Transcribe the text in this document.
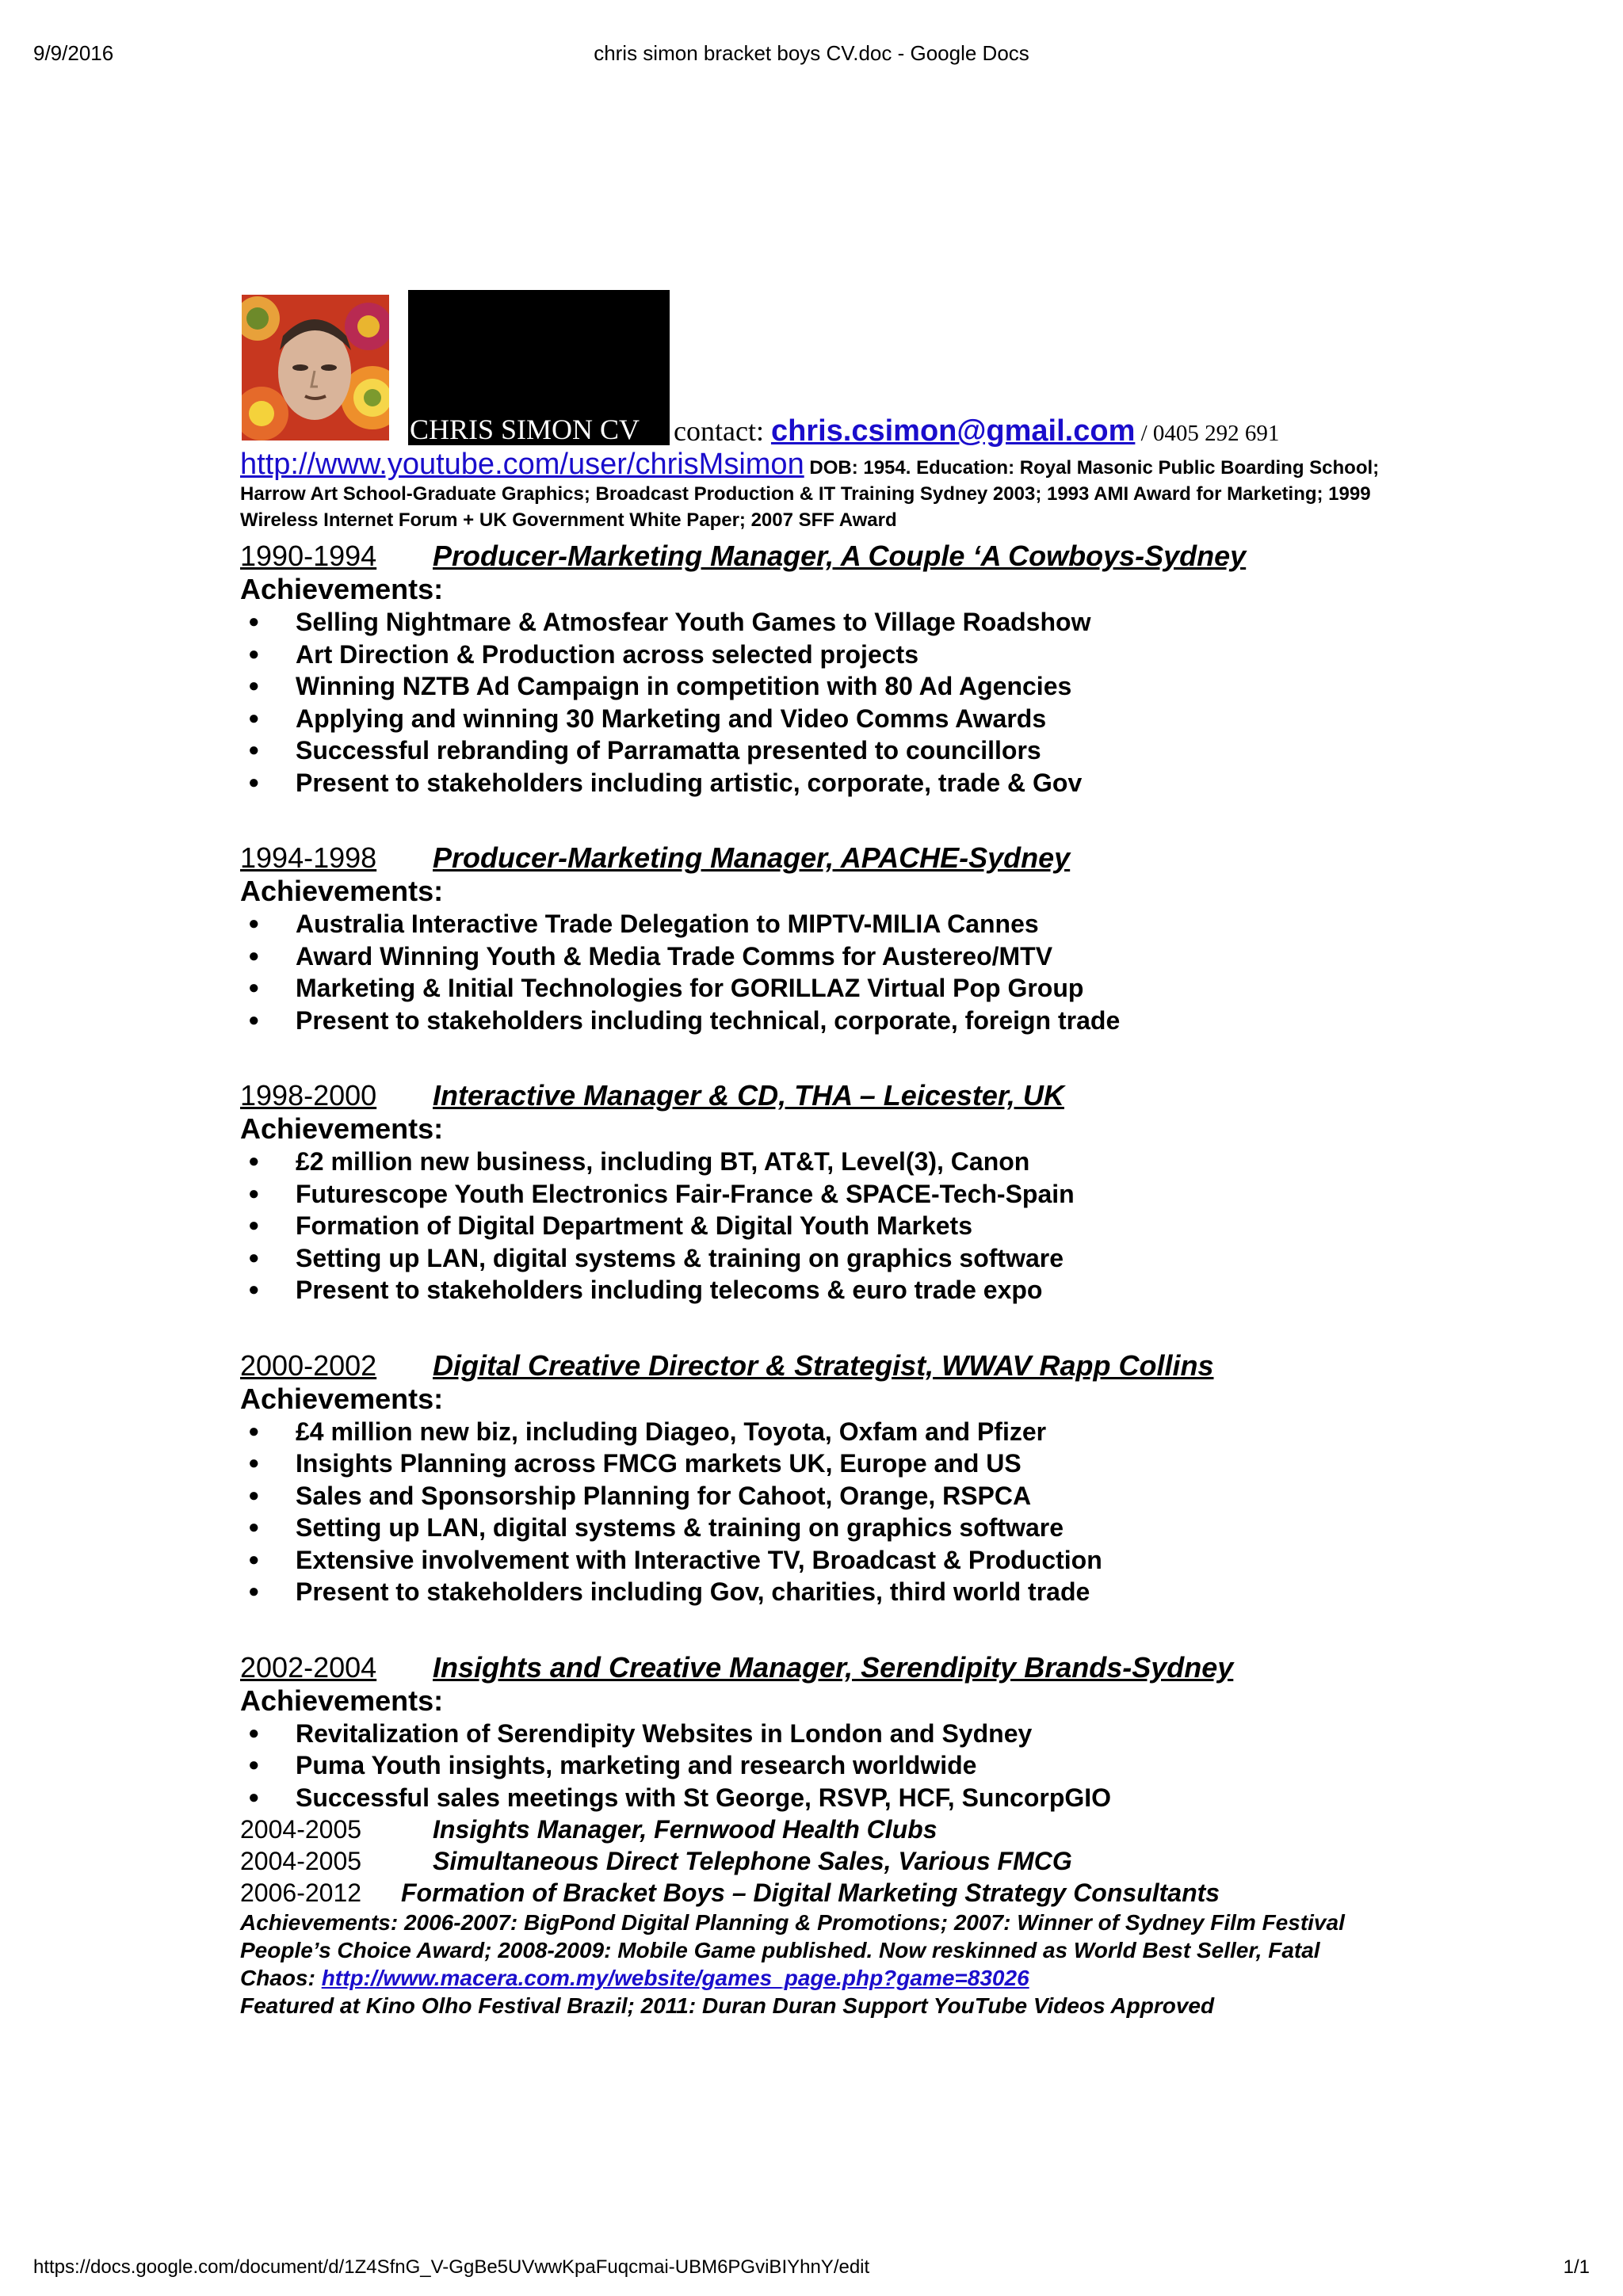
9/9/2016	chris simon bracket boys CV.doc - Google Docs
CHRIS SIMON CV contact: chris.csimon@gmail.com / 0405 292 691
http://www.youtube.com/user/chrisMsimon DOB: 1954. Education: Royal Masonic Public Boarding School; Harrow Art School-Graduate Graphics; Broadcast Production & IT Training Sydney 2003; 1993 AMI Award for Marketing; 1999 Wireless Internet Forum + UK Government White Paper; 2007 SFF Award
1990-1994 Producer-Marketing Manager, A Couple ‘A Cowboys-Sydney
Achievements:
● Selling Nightmare & Atmosfear Youth Games to Village Roadshow
● Art Direction & Production across selected projects
● Winning NZTB Ad Campaign in competition with 80 Ad Agencies
● Applying and winning 30 Marketing and Video Comms Awards
● Successful rebranding of Parramatta presented to councillors
● Present to stakeholders including artistic, corporate, trade & Gov
1994-1998 Producer-Marketing Manager, APACHE-Sydney
Achievements:
● Australia Interactive Trade Delegation to MIPTV-MILIA Cannes
● Award Winning Youth & Media Trade Comms for Austereo/MTV
● Marketing & Initial Technologies for GORILLAZ Virtual Pop Group
● Present to stakeholders including technical, corporate, foreign trade
1998-2000 Interactive Manager & CD, THA – Leicester, UK
Achievements:
● £2 million new business, including BT, AT&T, Level(3), Canon
● Futurescope Youth Electronics Fair-France & SPACE-Tech-Spain
● Formation of Digital Department & Digital Youth Markets
● Setting up LAN, digital systems & training on graphics software
● Present to stakeholders including telecoms & euro trade expo
2000-2002 Digital Creative Director & Strategist, WWAV Rapp Collins
Achievements:
● £4 million new biz, including Diageo, Toyota, Oxfam and Pfizer
● Insights Planning across FMCG markets UK, Europe and US
● Sales and Sponsorship Planning for Cahoot, Orange, RSPCA
● Setting up LAN, digital systems & training on graphics software
● Extensive involvement with Interactive TV, Broadcast & Production
● Present to stakeholders including Gov, charities, third world trade
2002-2004 Insights and Creative Manager, Serendipity Brands-Sydney
Achievements:
● Revitalization of Serendipity Websites in London and Sydney
● Puma Youth insights, marketing and research worldwide
● Successful sales meetings with St George, RSVP, HCF, SuncorpGIO
2004-2005	Insights Manager, Fernwood Health Clubs
2004-2005	Simultaneous Direct Telephone Sales, Various FMCG
2006-2012 Formation of Bracket Boys – Digital Marketing Strategy Consultants
Achievements: 2006-2007: BigPond Digital Planning & Promotions; 2007: Winner of Sydney Film Festival People’s Choice Award; 2008-2009: Mobile Game published. Now reskinned as World Best Seller, Fatal Chaos: http://www.macera.com.my/website/games_page.php?game=83026
Featured at Kino Olho Festival Brazil; 2011: Duran Duran Support YouTube Videos Approved
https://docs.google.com/document/d/1Z4SfnG_V-GgBe5UVwwKpaFuqcmai-UBM6PGviBIYhnY/edit	1/1
